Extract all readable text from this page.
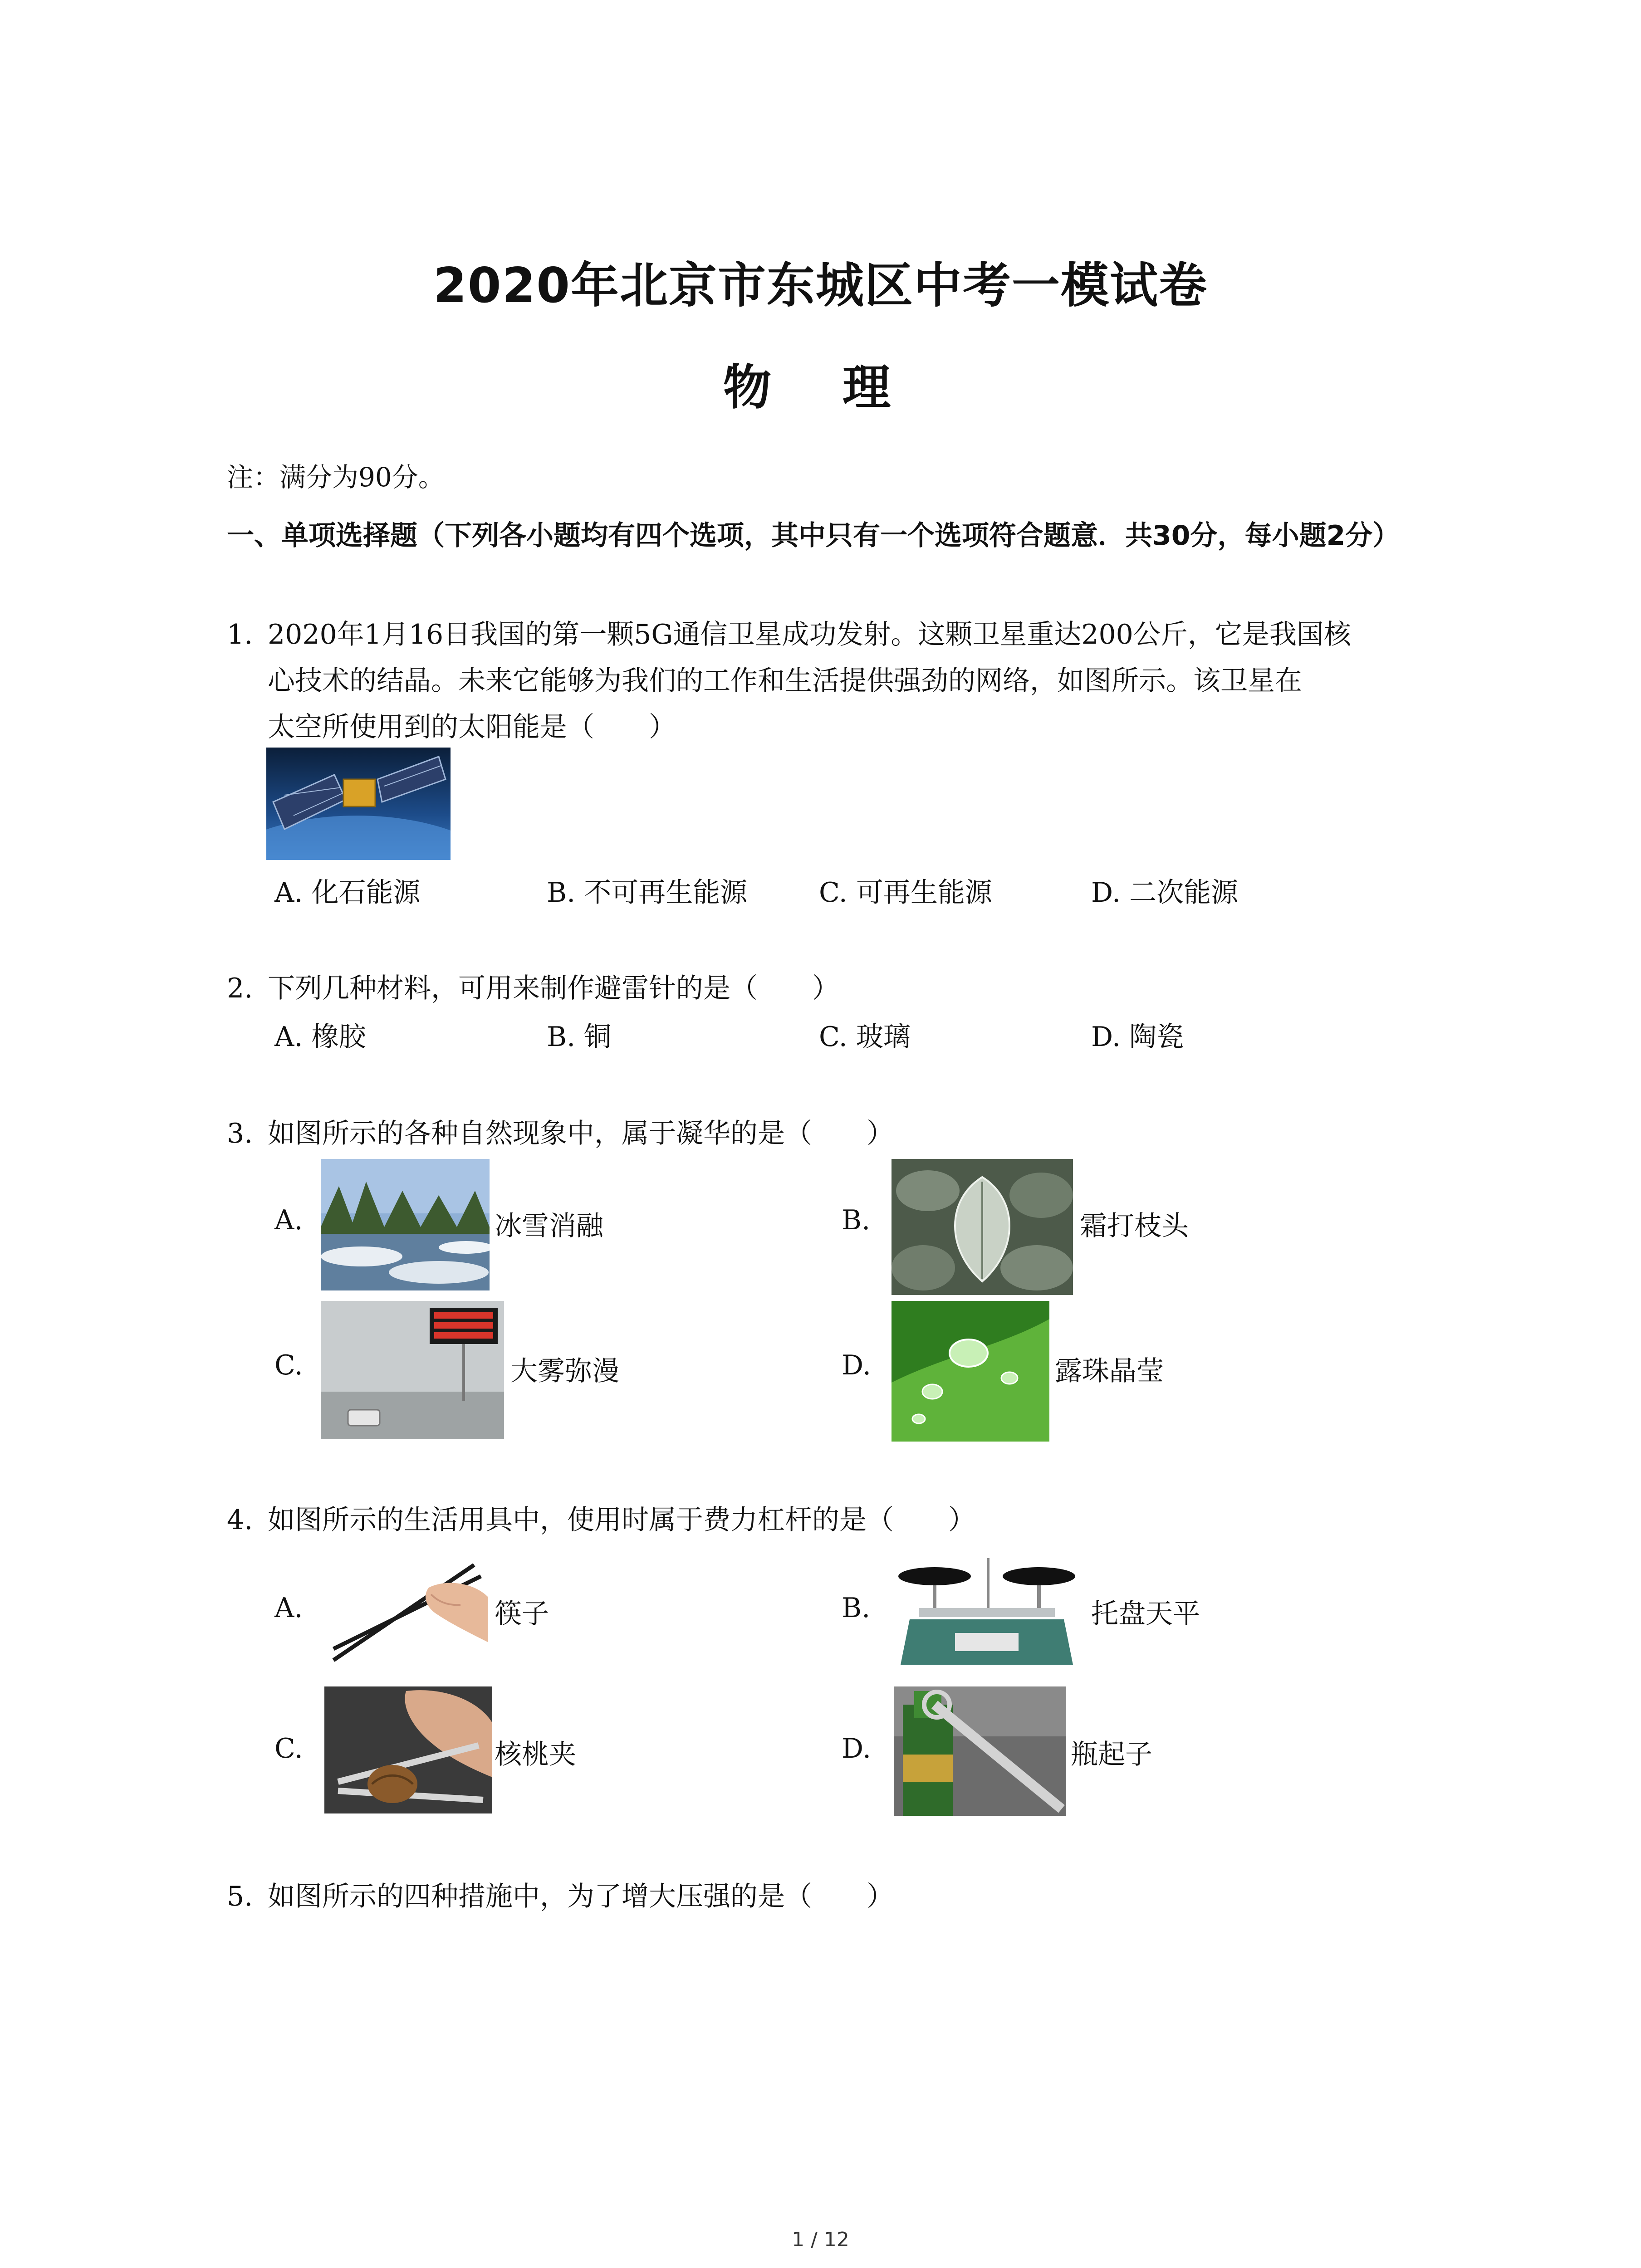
2020年北京市东城区中考一模试卷
物 理
注：满分为90分。
一、单项选择题（下列各小题均有四个选项，其中只有一个选项符合题意．共30分，每小题2分）
1. 2020年1月16日我国的第一颗5G通信卫星成功发射。这颗卫星重达200公斤，它是我国核
心技术的结晶。未来它能够为我们的工作和生活提供强劲的网络，如图所示。该卫星在
太空所使用到的太阳能是（　　）
A. 化石能源	B. 不可再生能源	C. 可再生能源	D. 二次能源
2. 下列几种材料，可用来制作避雷针的是（　　）
A. 橡胶	B. 铜	C. 玻璃	D. 陶瓷
3. 如图所示的各种自然现象中，属于凝华的是（　　）
A.	冰雪消融	B.	霜打枝头
C.	大雾弥漫	D.	露珠晶莹
4. 如图所示的生活用具中，使用时属于费力杠杆的是（　　）
A.	筷子	B.	托盘天平
C.	核桃夹	D.	瓶起子
5. 如图所示的四种措施中，为了增大压强的是（　　）
1 / 12
